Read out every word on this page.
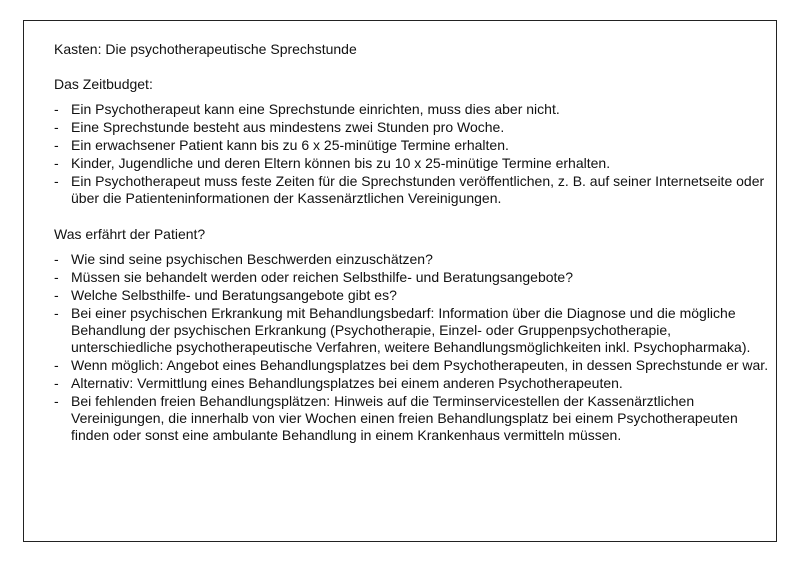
Kasten: Die psychotherapeutische Sprechstunde
Das Zeitbudget:
- Ein Psychotherapeut kann eine Sprechstunde einrichten, muss dies aber nicht.
- Eine Sprechstunde besteht aus mindestens zwei Stunden pro Woche.
- Ein erwachsener Patient kann bis zu 6 x 25-minütige Termine erhalten.
- Kinder, Jugendliche und deren Eltern können bis zu 10 x 25-minütige Termine erhalten.
- Ein Psychotherapeut muss feste Zeiten für die Sprechstunden veröffentlichen, z. B. auf seiner Internetseite oder über die Patienteninformationen der Kassenärztlichen Vereinigungen.
Was erfährt der Patient?
- Wie sind seine psychischen Beschwerden einzuschätzen?
- Müssen sie behandelt werden oder reichen Selbsthilfe- und Beratungsangebote?
- Welche Selbsthilfe- und Beratungsangebote gibt es?
- Bei einer psychischen Erkrankung mit Behandlungsbedarf: Information über die Diagnose und die mögliche Behandlung der psychischen Erkrankung (Psychotherapie, Einzel- oder Gruppenpsychotherapie, unterschiedliche psychotherapeutische Verfahren, weitere Behandlungsmöglichkeiten inkl. Psychopharmaka).
- Wenn möglich: Angebot eines Behandlungsplatzes bei dem Psychotherapeuten, in dessen Sprechstunde er war.
- Alternativ: Vermittlung eines Behandlungsplatzes bei einem anderen Psychotherapeuten.
- Bei fehlenden freien Behandlungsplätzen: Hinweis auf die Terminservicestellen der Kassenärztlichen Vereinigungen, die innerhalb von vier Wochen einen freien Behandlungsplatz bei einem Psychotherapeuten finden oder sonst eine ambulante Behandlung in einem Krankenhaus vermitteln müssen.
